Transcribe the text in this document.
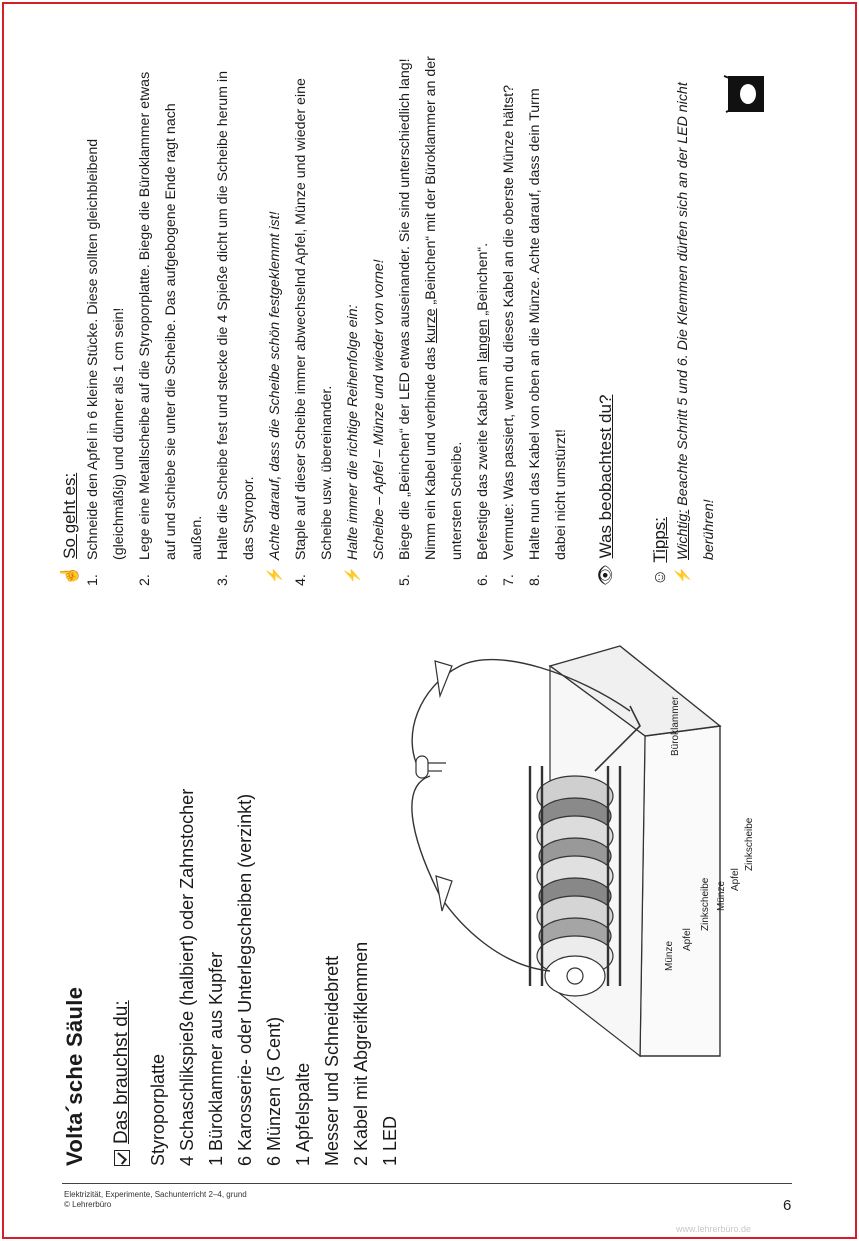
Volta´sche Säule Das brauchst du: Styroporplatte 4 Schaschlikspieße (halbiert) oder Zahnstocher 1 Büroklammer aus Kupfer 6 Karosserie- oder Unterlegscheiben (verzinkt) 6 Münzen (5 Cent) 1 Apfelspalte Messer und Schneidebrett 2 Kabel mit Abgreifklemmen 1 LED
Münze
Apfel
Zinkscheibe Münze
Apfel
Zinkscheibe
Büroklammer
☝
So geht es:
1.
Schneide den Apfel in 6 kleine Stücke. Diese sollten gleichbleibend (gleichmäßig) und dünner als 1 cm sein!
2.
Lege eine Metallscheibe auf die Styroporplatte. Biege die Büroklammer etwas auf und schiebe sie unter die Scheibe. Das aufgebogene Ende ragt nach außen.
3.
Halte die Scheibe fest und stecke die 4 Spieße dicht um die Scheibe herum in das Styropor.
⚡
Achte darauf, dass die Scheibe schön festgeklemmt ist!
4.
Staple auf dieser Scheibe immer abwechselnd Apfel, Münze und wieder eine Scheibe usw. übereinander.
⚡
Halte immer die richtige Reihenfolge ein: Scheibe – Apfel – Münze und wieder von vorne!
5.
Biege die „Beinchen“ der LED etwas auseinander. Sie sind unterschiedlich lang! Nimm ein Kabel und verbinde das kurze „Beinchen“ mit der Büroklammer an der untersten Scheibe.
6.
Befestige das zweite Kabel am langen „Beinchen“.
7.
Vermute: Was passiert, wenn du dieses Kabel an die oberste Münze hältst?
8.
Halte nun das Kabel von oben an die Münze. Achte darauf, dass dein Turm dabei nicht umstürzt!
👁
Was beobachtest du?
☺
Tipps:
⚡
Wichtig: Beachte Schritt 5 und 6. Die Klemmen dürfen sich an der LED nicht berühren!
Elektrizität, Experimente, Sachunterricht 2–4, grund
© Lehrerbüro	6
www.lehrerbüro.de
